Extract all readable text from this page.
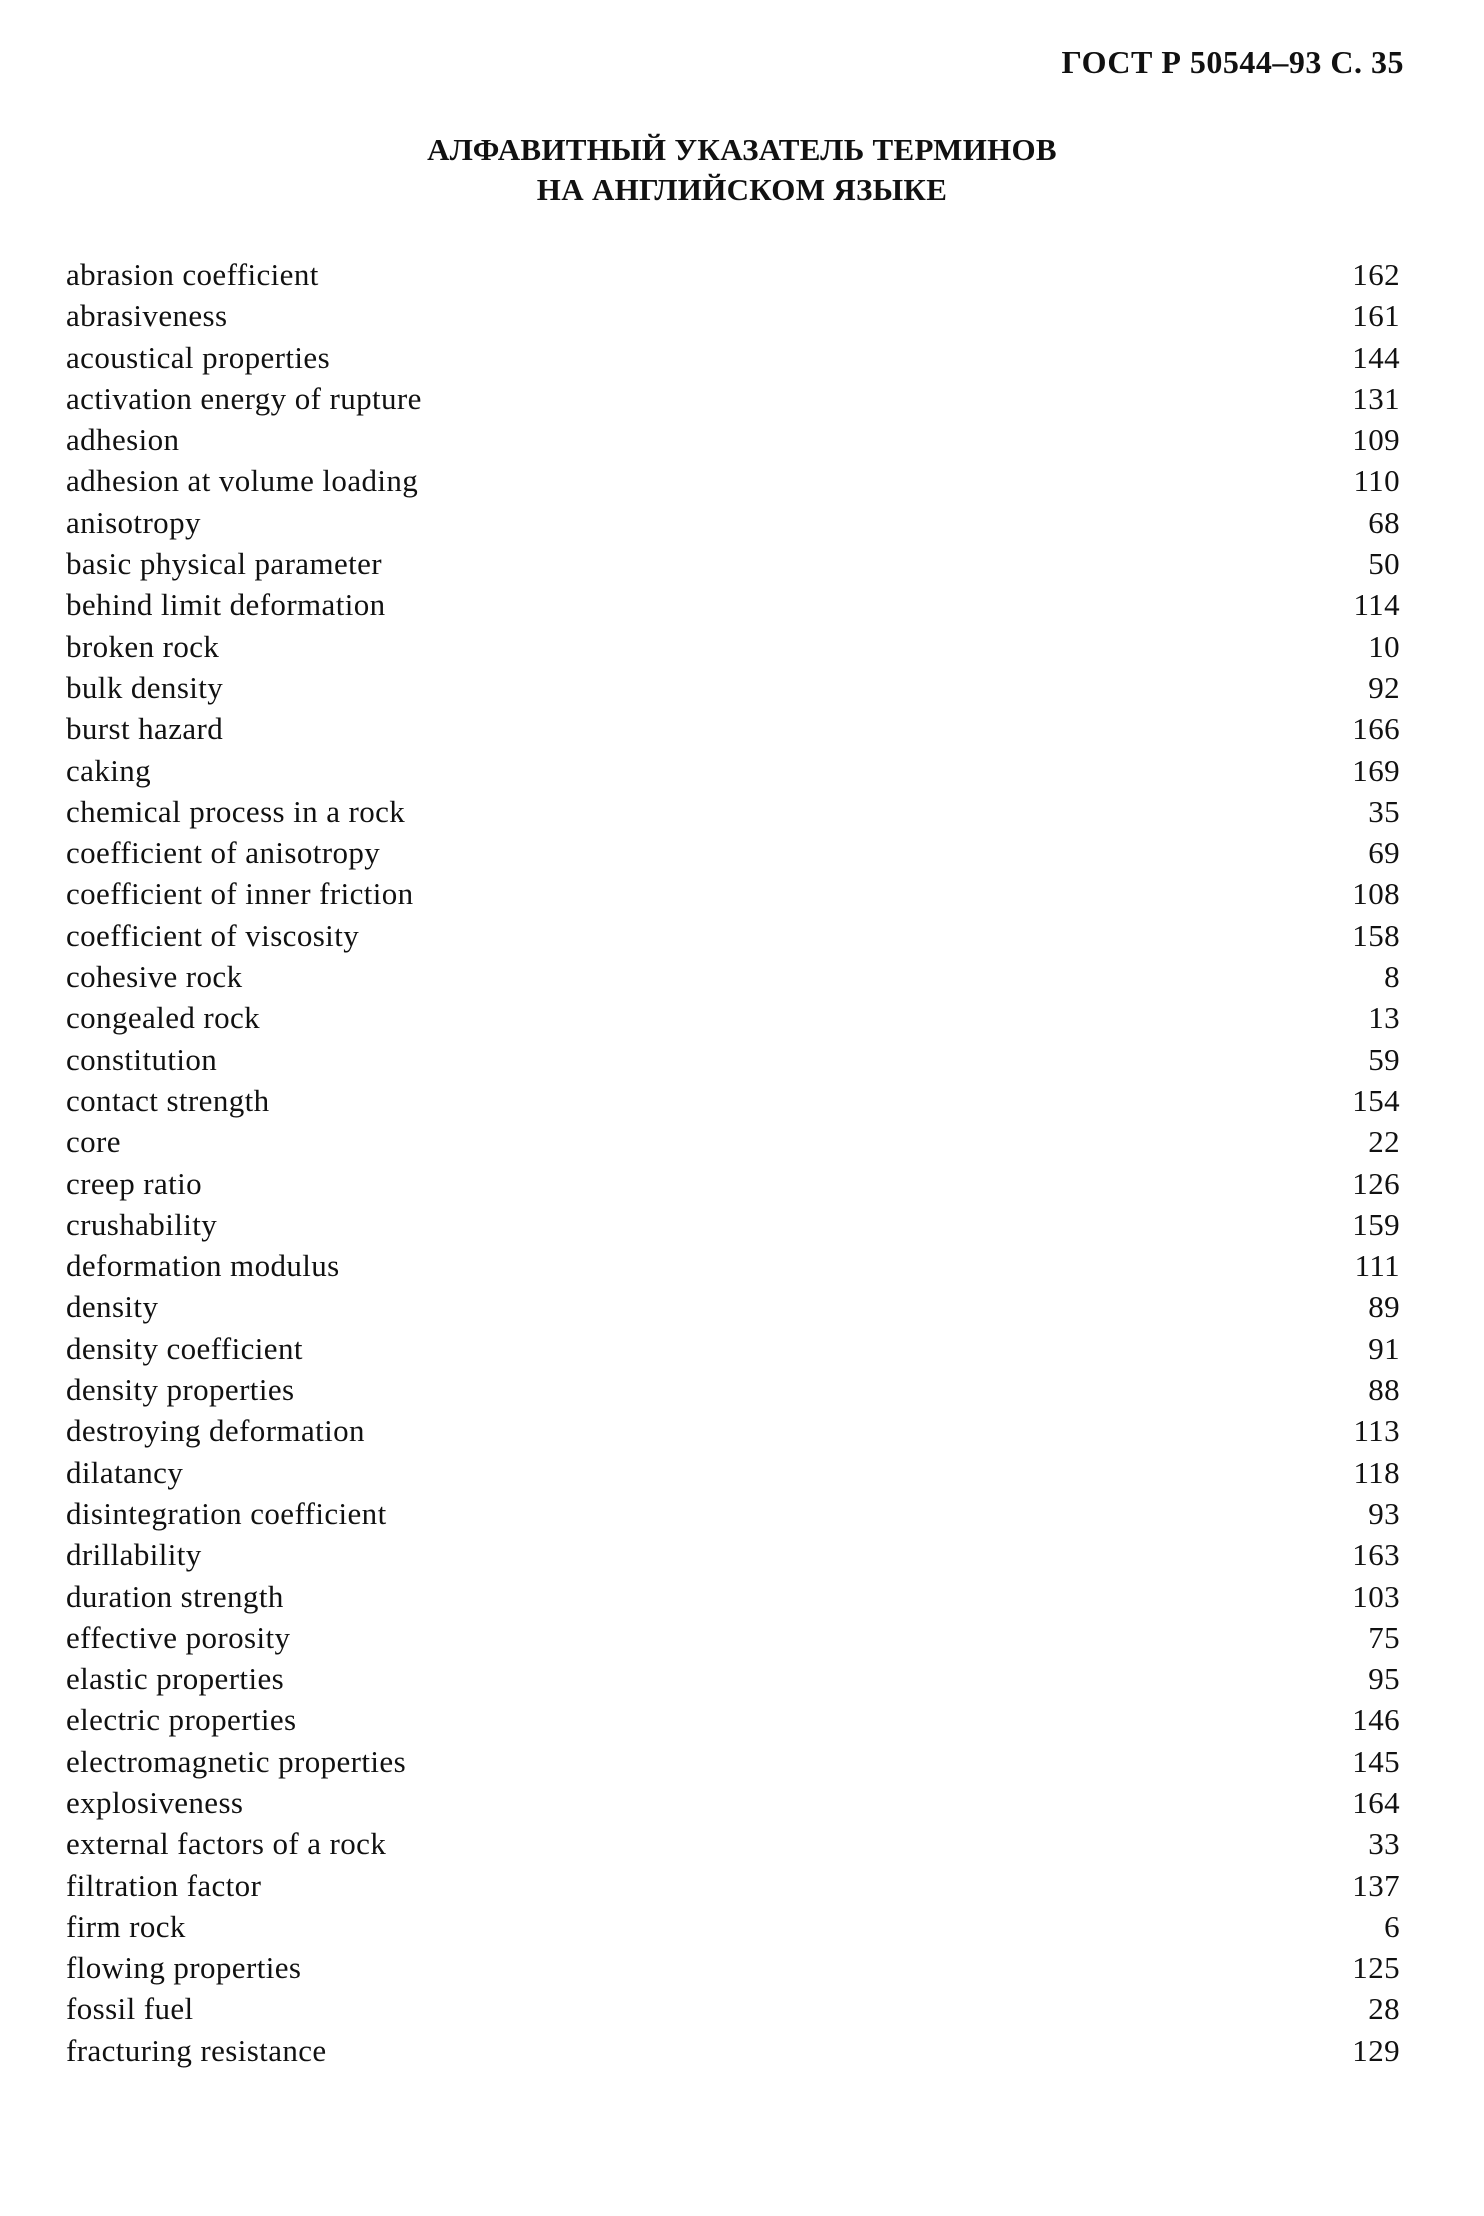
ГОСТ Р 50544–93 С. 35
АЛФАВИТНЫЙ УКАЗАТЕЛЬ ТЕРМИНОВ
НА АНГЛИЙСКОМ ЯЗЫКЕ
abrasion coefficient	162
abrasiveness	161
acoustical properties	144
activation energy of rupture	131
adhesion	109
adhesion at volume loading	110
anisotropy	68
basic physical parameter	50
behind limit deformation	114
broken rock	10
bulk density	92
burst hazard	166
caking	169
chemical process in a rock	35
coefficient of anisotropy	69
coefficient of inner friction	108
coefficient of viscosity	158
cohesive rock	8
congealed rock	13
constitution	59
contact strength	154
core	22
creep ratio	126
crushability	159
deformation modulus	111
density	89
density coefficient	91
density properties	88
destroying deformation	113
dilatancy	118
disintegration coefficient	93
drillability	163
duration strength	103
effective porosity	75
elastic properties	95
electric properties	146
electromagnetic properties	145
explosiveness	164
external factors of a rock	33
filtration factor	137
firm rock	6
flowing properties	125
fossil fuel	28
fracturing resistance	129
